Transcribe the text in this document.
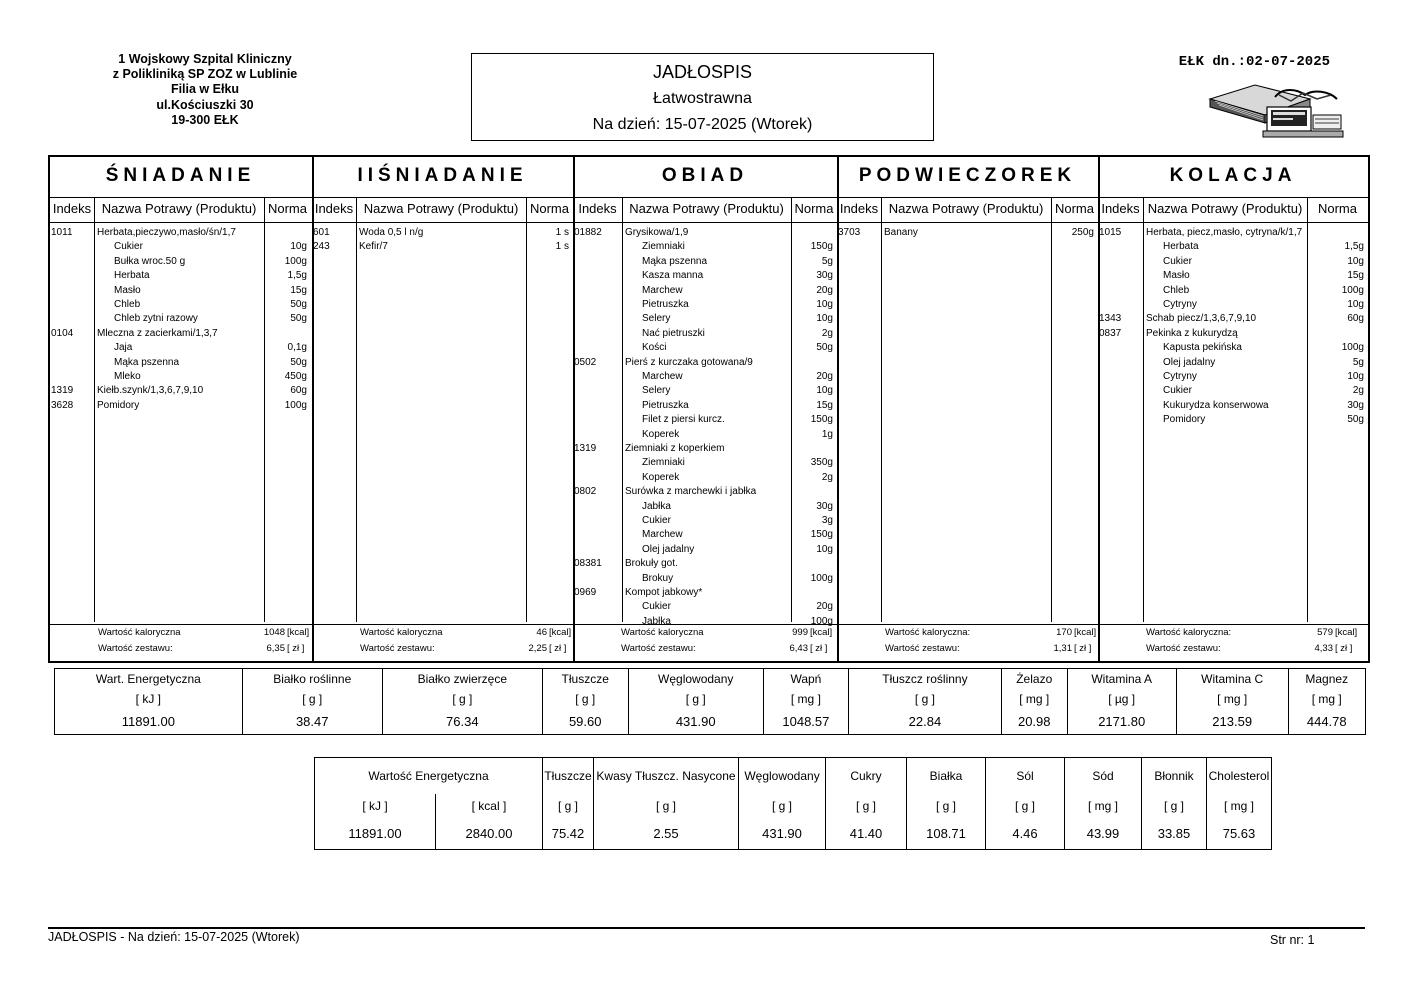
1 Wojskowy Szpital Kliniczny
z Polikliniką SP ZOZ w Lublinie
Filia w Ełku
ul.Kościuszki 30
19-300 EŁK
JADŁOSPIS
Łatwostrawna
Na dzień: 15-07-2025 (Wtorek)
EŁK dn.:02-07-2025
ŚNIADANIE
Indeks Nazwa Potrawy (Produktu) Norma
1011 Herbata,pieczywo,masło/śn/1,7
Cukier	10g
Bułka wroc.50 g	100g
Herbata	1,5g
Masło	15g
Chleb	50g
Chleb zytni razowy	50g
0104 Mleczna z zacierkami/1,3,7
Jaja	0,1g
Mąka pszenna	50g
Mleko	450g
1319 Kiełb.szynk/1,3,6,7,9,10	60g
3628 Pomidory	100g
Wartość kaloryczna	1048 [kcal]
Wartość zestawu:	6,35 [ zł ]
IIŚNIADANIE
Indeks Nazwa Potrawy (Produktu) Norma
601	Woda 0,5 l n/g	1 s
243	Kefir/7	1 s
Wartość kaloryczna	46 [kcal]
Wartość zestawu:	2,25 [ zł ]
OBIAD
Indeks Nazwa Potrawy (Produktu) Norma
01882 Grysikowa/1,9
Ziemniaki	150g
Mąka pszenna	5g
Kasza manna	30g
Marchew	20g
Pietruszka	10g
Selery	10g
Nać pietruszki	2g
Kości	50g
0502	Pierś z kurczaka gotowana/9
Marchew	20g
Selery	10g
Pietruszka	15g
Filet z piersi kurcz.	150g
Koperek	1g
1319	Ziemniaki z koperkiem
Ziemniaki	350g
Koperek	2g
0802	Surówka z marchewki i jabłka
Jabłka	30g
Cukier	3g
Marchew	150g
Olej jadalny	10g
08381 Brokuły got.
Brokuy	100g
0969	Kompot jabkowy*
Cukier	20g
Jabłka	100g
Wartość kaloryczna	999 [kcal]
Wartość zestawu:	6,43 [ zł ]
PODWIECZOREK
Indeks Nazwa Potrawy (Produktu) Norma
3703 Banany	250g
Wartość kaloryczna:	170 [kcal]
Wartość zestawu:	1,31 [ zł ]
KOLACJA
Indeks Nazwa Potrawy (Produktu)	Norma
1015 Herbata, piecz,masło, cytryna/k/1,7
Herbata	1,5g
Cukier	10g
Masło	15g
Chleb	100g
Cytryny	10g
1343 Schab piecz/1,3,6,7,9,10	60g
0837 Pekinka z kukurydzą
Kapusta pekińska	100g
Olej jadalny	5g
Cytryny	10g
Cukier	2g
Kukurydza konserwowa	30g
Pomidory	50g
Wartość kaloryczna:	579 [kcal]
Wartość zestawu:	4,33 [ zł ]
Wart. Energetyczna	Białko roślinne	Białko zwierzęce	Tłuszcze	Węglowodany	Wapń	Tłuszcz roślinny	Żelazo	Witamina A	Witamina C	Magnez
[ kJ ]	[ g ]	[ g ]	[ g ]	[ g ]	[ mg ]	[ g ]	[ mg ]	[ µg ]	[ mg ]	[ mg ]
11891.00	38.47	76.34	59.60	431.90	1048.57	22.84	20.98	2171.80	213.59	444.78
Wartość Energetyczna		Tłuszcze	Kwasy Tłuszcz. Nasycone	Węglowodany	Cukry	Białka	Sól	Sód	Błonnik	Cholesterol
[ kJ ]	[ kcal ]	[ g ]	[ g ]	[ g ]	[ g ]	[ g ]	[ g ]	[ mg ]	[ g ]	[ mg ]
11891.00	2840.00	75.42	2.55	431.90	41.40	108.71	4.46	43.99	33.85	75.63
JADŁOSPIS - Na dzień: 15-07-2025 (Wtorek)	Str nr: 1
